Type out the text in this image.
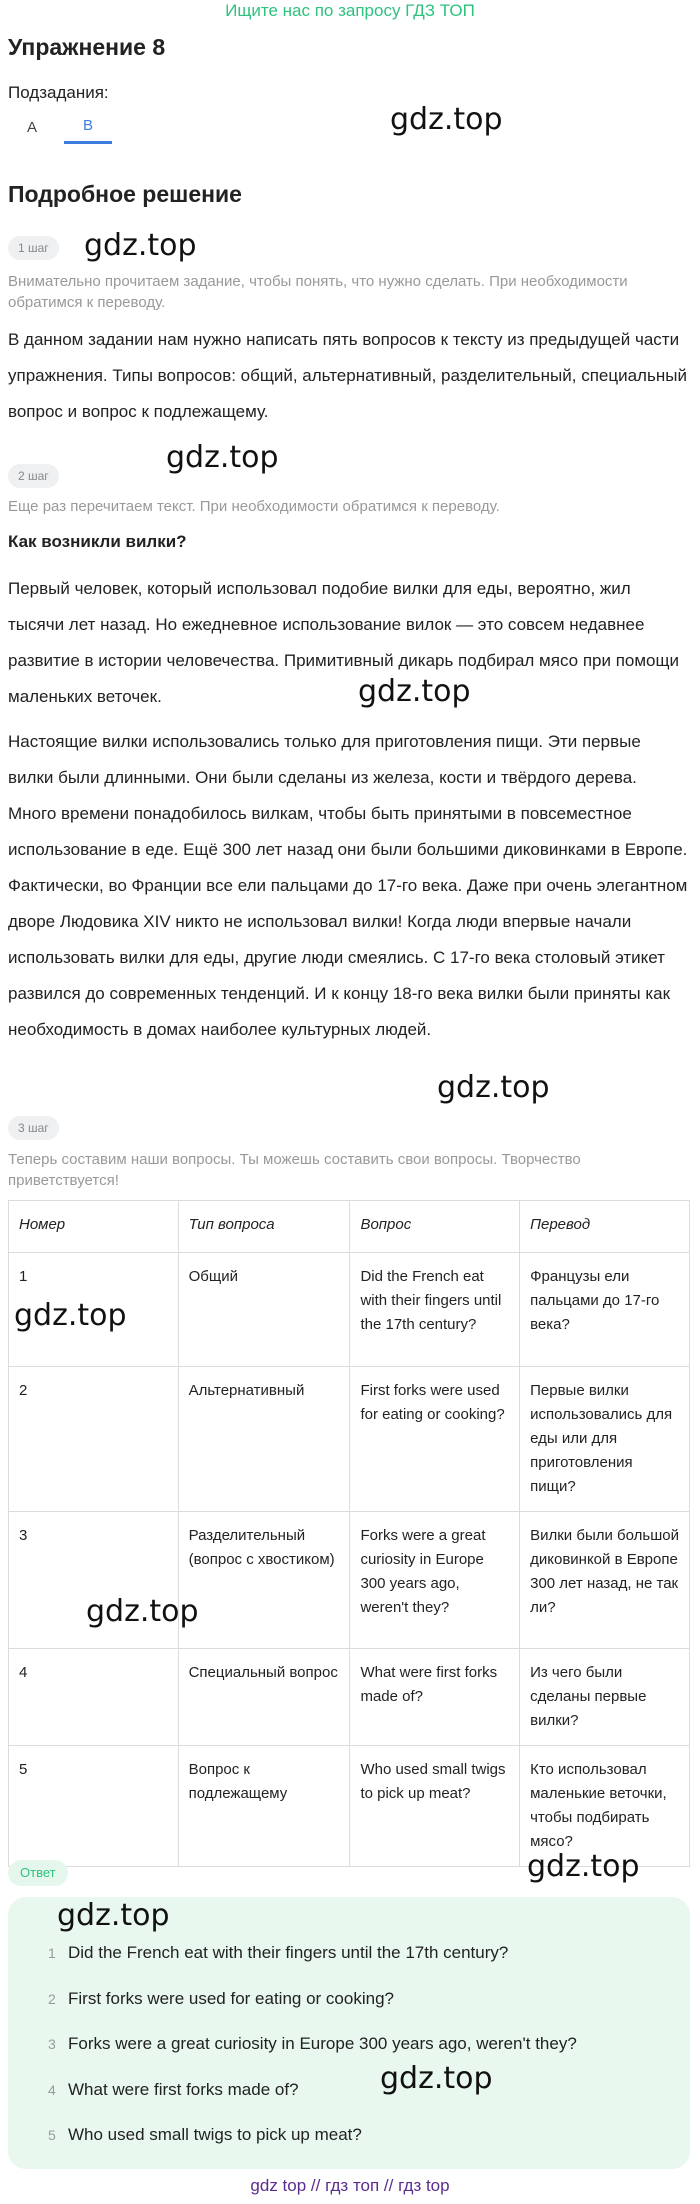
Ищите нас по запросу ГДЗ ТОП
Упражнение 8
Подзадания:
A	B	gdz.top
Подробное решение
1 шаг	gdz.top
Внимательно прочитаем задание, чтобы понять, что нужно сделать. При необходимости обратимся к переводу.
В данном задании нам нужно написать пять вопросов к тексту из предыдущей части упражнения. Типы вопросов: общий, альтернативный, разделительный, специальный вопрос и вопрос к подлежащему.
2 шаг
gdz.top
Еще раз перечитаем текст. При необходимости обратимся к переводу.
Как возникли вилки?
Первый человек, который использовал подобие вилки для еды, вероятно, жил тысячи лет назад. Но ежедневное использование вилок — это совсем недавнее развитие в истории человечества. Примитивный дикарь подбирал мясо при помощи маленьких веточек.	gdz.top
Настоящие вилки использовались только для приготовления пищи. Эти первые вилки были длинными. Они были сделаны из железа, кости и твёрдого дерева. Много времени понадобилось вилкам, чтобы быть принятыми в повсеместное использование в еде. Ещё 300 лет назад они были большими диковинками в Европе. Фактически, во Франции все ели пальцами до 17-го века. Даже при очень элегантном дворе Людовика XIV никто не использовал вилки! Когда люди впервые начали использовать вилки для еды, другие люди смеялись. С 17-го века столовый этикет развился до современных тенденций. И к концу 18-го века вилки были приняты как необходимость в домах наиболее культурных людей.
gdz.top
3 шаг
Теперь составим наши вопросы. Ты можешь составить свои вопросы. Творчество приветствуется!
Номер	Тип вопроса	Вопрос	Перевод
1	Общий	Did the French eat with their fingers until the 17th century?	Французы ели пальцами до 17-го века?
2	Альтернативный	First forks were used for eating or cooking?	Первые вилки использовались для еды или для приготовления пищи?
3	Разделительный (вопрос с хвостиком)	Forks were a great curiosity in Europe 300 years ago, weren't they?	Вилки были большой диковинкой в Европе 300 лет назад, не так ли?
4	Специальный вопрос	What were first forks made of?	Из чего были сделаны первые вилки?
5	Вопрос к подлежащему	Who used small twigs to pick up meat?	Кто использовал маленькие веточки, чтобы подбирать мясо?
gdz.top
gdz.top
Ответ	gdz.top
gdz.top
1 Did the French eat with their fingers until the 17th century?
2 First forks were used for eating or cooking?
3 Forks were a great curiosity in Europe 300 years ago, weren't they?
4 What were first forks made of?
5 Who used small twigs to pick up meat?
gdz.top
gdz top // гдз топ // гдз top
